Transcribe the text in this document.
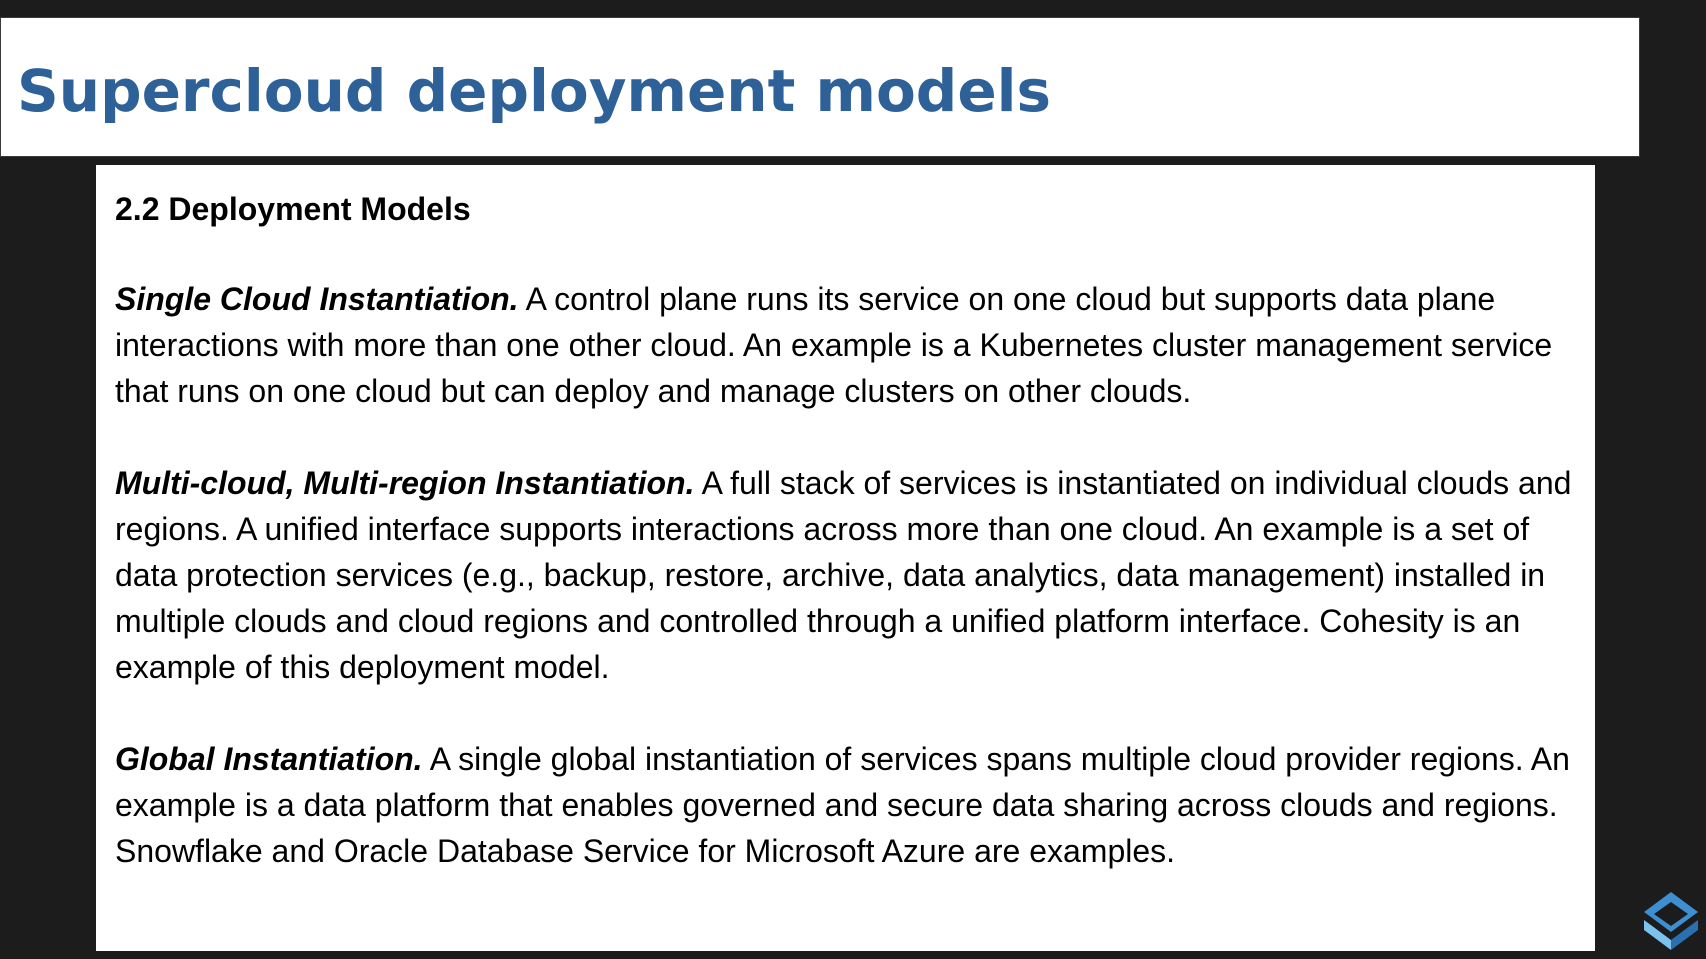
Supercloud deployment models
2.2 Deployment Models

Single Cloud Instantiation. A control plane runs its service on one cloud but supports data plane interactions with more than one other cloud. An example is a Kubernetes cluster management service that runs on one cloud but can deploy and manage clusters on other clouds.

Multi-cloud, Multi-region Instantiation. A full stack of services is instantiated on individual clouds and regions. A unified interface supports interactions across more than one cloud. An example is a set of data protection services (e.g., backup, restore, archive, data analytics, data management) installed in multiple clouds and cloud regions and controlled through a unified platform interface. Cohesity is an example of this deployment model.

Global Instantiation. A single global instantiation of services spans multiple cloud provider regions. An example is a data platform that enables governed and secure data sharing across clouds and regions. Snowflake and Oracle Database Service for Microsoft Azure are examples.
